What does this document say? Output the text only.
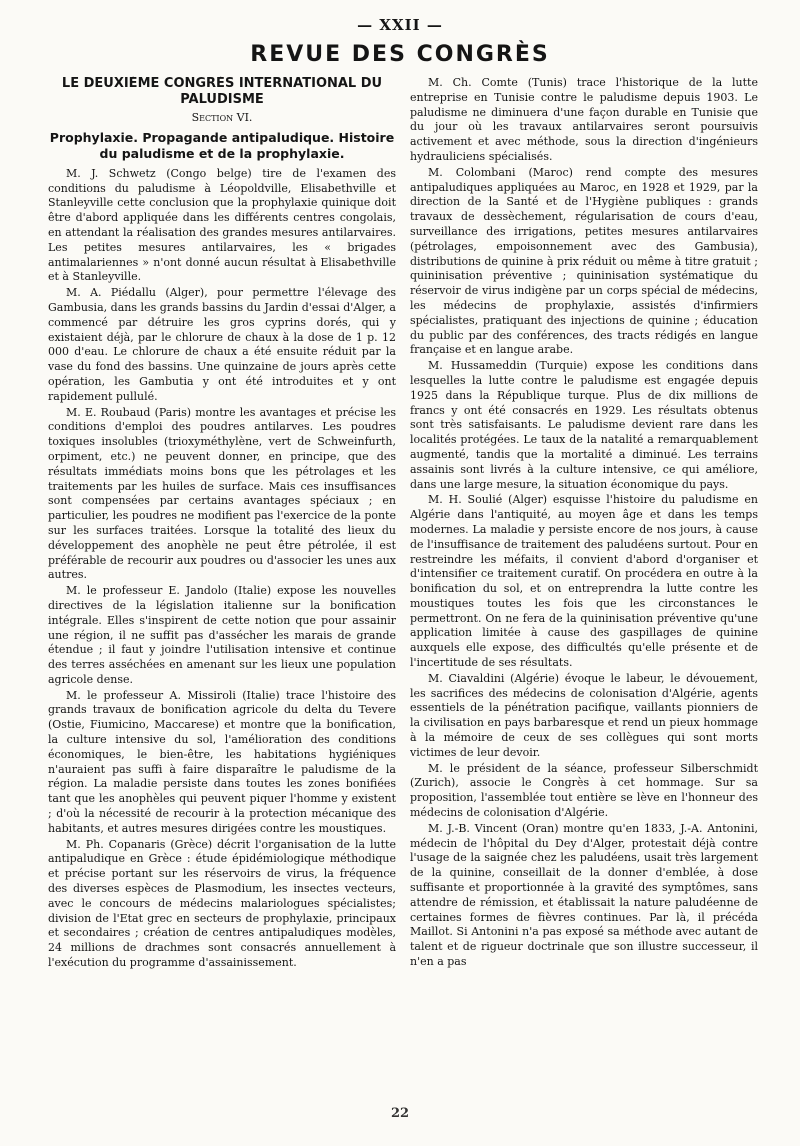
— XXII —
REVUE DES CONGRÈS
LE DEUXIÈME CONGRÈS INTERNATIONAL DU PALUDISME
Section VI.
Prophylaxie. Propagande antipaludique. Histoire du paludisme et de la prophylaxie.

M. J. Schwetz (Congo belge) tire de l'examen des conditions du paludisme à Léopoldville, Elisabethville et Stanleyville cette conclusion que la prophylaxie quinique doit être d'abord appliquée dans les différents centres congolais, en attendant la réalisation des grandes mesures antilarvaires. Les petites mesures antilarvaires, les « brigades antimalariennes » n'ont donné aucun résultat à Elisabethville et à Stanleyville.

M. A. Piédallu (Alger), pour permettre l'élevage des Gambusia, dans les grands bassins du Jardin d'essai d'Alger, a commencé par détruire les gros cyprins dorés, qui y existaient déjà, par le chlorure de chaux à la dose de 1 p. 12 000 d'eau. Le chlorure de chaux a été ensuite réduit par la vase du fond des bassins. Une quinzaine de jours après cette opération, les Gambutia y ont été introduites et y ont rapidement pullulé.

M. E. Roubaud (Paris) montre les avantages et précise les conditions d'emploi des poudres antilarves. Les poudres toxiques insolubles (trioxyméthylène, vert de Schweinfurth, orpiment, etc.) ne peuvent donner, en principe, que des résultats immédiats moins bons que les pétrolages et les traitements par les huiles de surface. Mais ces insuffisances sont compensées par certains avantages spéciaux ; en particulier, les poudres ne modifient pas l'exercice de la ponte sur les surfaces traitées. Lorsque la totalité des lieux du développement des anophèle ne peut être pétrolée, il est préférable de recourir aux poudres ou d'associer les unes aux autres.

M. le professeur E. Jandolo (Italie) expose les nouvelles directives de la législation italienne sur la bonification intégrale. Elles s'inspirent de cette notion que pour assainir une région, il ne suffit pas d'assécher les marais de grande étendue ; il faut y joindre l'utilisation intensive et continue des terres asséchées en amenant sur les lieux une population agricole dense.

M. le professeur A. Missiroli (Italie) trace l'histoire des grands travaux de bonification agricole du delta du Tevere (Ostie, Fiumicino, Maccarese) et montre que la bonification, la culture intensive du sol, l'amélioration des conditions économiques, le bien-être, les habitations hygiéniques n'auraient pas suffi à faire disparaître le paludisme de la région. La maladie persiste dans toutes les zones bonifiées tant que les anophèles qui peuvent piquer l'homme y existent ; d'où la nécessité de recourir à la protection mécanique des habitants, et autres mesures dirigées contre les moustiques.

M. Ph. Copanaris (Grèce) décrit l'organisation de la lutte antipaludique en Grèce : étude épidémiologique méthodique et précise portant sur les réservoirs de virus, la fréquence des diverses espèces de Plasmodium, les insectes vecteurs, avec le concours de médecins malariologues spécialistes; division de l'Etat grec en secteurs de prophylaxie, principaux et secondaires ; création de centres antipaludiques modèles, 24 millions de drachmes sont consacrés annuellement à l'exécution du programme d'assainissement.

M. Ch. Comte (Tunis) trace l'historique de la lutte entreprise en Tunisie contre le paludisme depuis 1903. Le paludisme ne diminuera d'une façon durable en Tunisie que du jour où les travaux antilarvaires seront poursuivis activement et avec méthode, sous la direction d'ingénieurs hydrauliciens spécialisés.

M. Colombani (Maroc) rend compte des mesures antipaludiques appliquées au Maroc, en 1928 et 1929, par la direction de la Santé et de l'Hygiène publiques : grands travaux de dessèchement, régularisation de cours d'eau, surveillance des irrigations, petites mesures antilarvaires (pétrolages, empoisonnement avec des Gambusia), distributions de quinine à prix réduit ou même à titre gratuit ; quininisation préventive ; quininisation systématique du réservoir de virus indigène par un corps spécial de médecins, les médecins de prophylaxie, assistés d'infirmiers spécialistes, pratiquant des injections de quinine ; éducation du public par des conférences, des tracts rédigés en langue française et en langue arabe.

M. Hussameddin (Turquie) expose les conditions dans lesquelles la lutte contre le paludisme est engagée depuis 1925 dans la République turque. Plus de dix millions de francs y ont été consacrés en 1929. Les résultats obtenus sont très satisfaisants. Le paludisme devient rare dans les localités protégées. Le taux de la natalité a remarquablement augmenté, tandis que la mortalité a diminué. Les terrains assainis sont livrés à la culture intensive, ce qui améliore, dans une large mesure, la situation économique du pays.

M. H. Soulié (Alger) esquisse l'histoire du paludisme en Algérie dans l'antiquité, au moyen âge et dans les temps modernes. La maladie y persiste encore de nos jours, à cause de l'insuffisance de traitement des paludéens surtout. Pour en restreindre les méfaits, il convient d'abord d'organiser et d'intensifier ce traitement curatif. On procédera en outre à la bonification du sol, et on entreprendra la lutte contre les moustiques toutes les fois que les circonstances le permettront. On ne fera de la quininisation préventive qu'une application limitée à cause des gaspillages de quinine auxquels elle expose, des difficultés qu'elle présente et de l'incertitude de ses résultats.

M. Ciavaldini (Algérie) évoque le labeur, le dévouement, les sacrifices des médecins de colonisation d'Algérie, agents essentiels de la pénétration pacifique, vaillants pionniers de la civilisation en pays barbaresque et rend un pieux hommage à la mémoire de ceux de ses collègues qui sont morts victimes de leur devoir.

M. le président de la séance, professeur Silberschmidt (Zurich), associe le Congrès à cet hommage. Sur sa proposition, l'assemblée tout entière se lève en l'honneur des médecins de colonisation d'Algérie.

M. J.-B. Vincent (Oran) montre qu'en 1833, J.-A. Antonini, médecin de l'hôpital du Dey d'Alger, protestait déjà contre l'usage de la saignée chez les paludéens, usait très largement de la quinine, conseillait de la donner d'emblée, à dose suffisante et proportionnée à la gravité des symptômes, sans attendre de rémission, et établissait la nature paludéenne de certaines formes de fièvres continues. Par là, il précéda Maillot. Si Antonini n'a pas exposé sa méthode avec autant de talent et de rigueur doctrinale que son illustre successeur, il n'en a pas

22
